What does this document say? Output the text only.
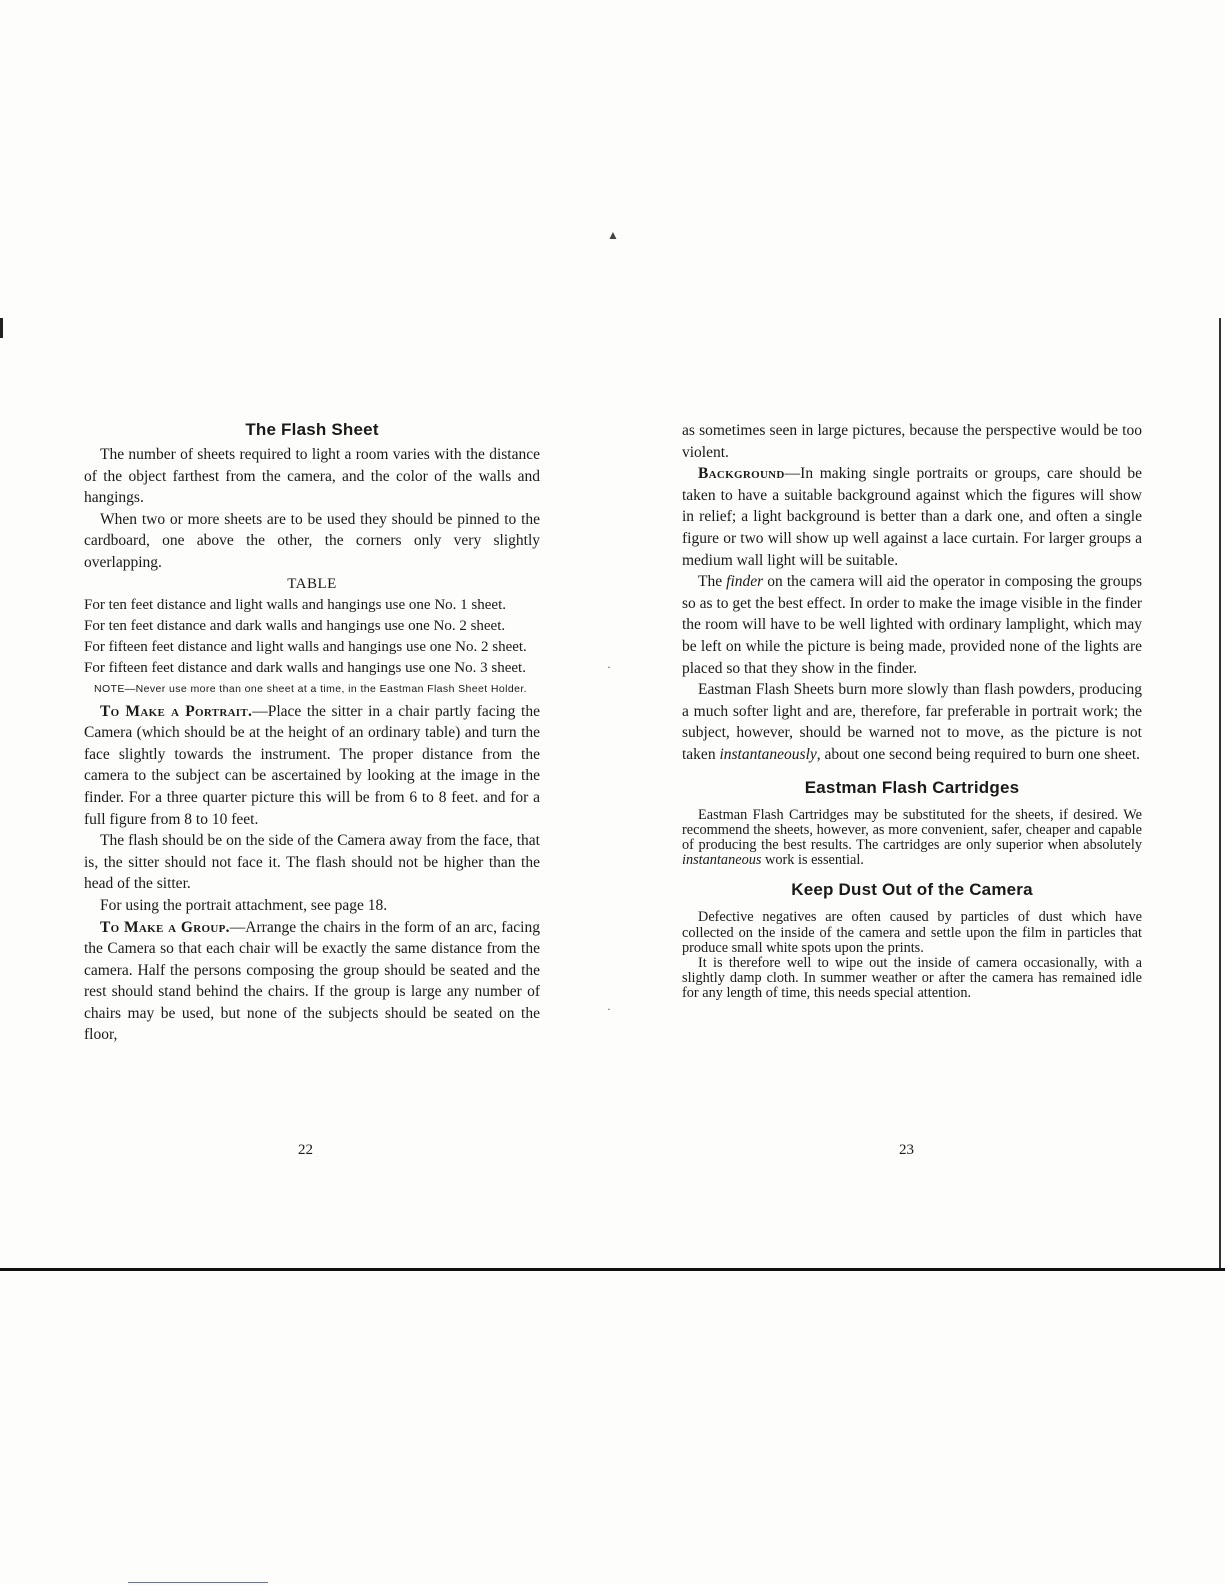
The Flash Sheet

The number of sheets required to light a room varies with the distance of the object farthest from the camera, and the color of the walls and hangings.

When two or more sheets are to be used they should be pinned to the cardboard, one above the other, the corners only very slightly overlapping.

TABLE

For ten feet distance and light walls and hangings use one No. 1 sheet.

For ten feet distance and dark walls and hangings use one No. 2 sheet.

For fifteen feet distance and light walls and hangings use one No. 2 sheet.

For fifteen feet distance and dark walls and hangings use one No. 3 sheet.

NOTE—Never use more than one sheet at a time, in the Eastman Flash Sheet Holder.

To Make a Portrait.—Place the sitter in a chair partly facing the Camera (which should be at the height of an ordinary table) and turn the face slightly towards the instrument. The proper distance from the camera to the subject can be ascertained by looking at the image in the finder. For a three quarter picture this will be from 6 to 8 feet. and for a full figure from 8 to 10 feet.

The flash should be on the side of the Camera away from the face, that is, the sitter should not face it. The flash should not be higher than the head of the sitter.

For using the portrait attachment, see page 18.

To Make a Group.—Arrange the chairs in the form of an arc, facing the Camera so that each chair will be exactly the same distance from the camera. Half the persons composing the group should be seated and the rest should stand behind the chairs. If the group is large any number of chairs may be used, but none of the subjects should be seated on the floor,

22
▲
·
·

as sometimes seen in large pictures, because the perspective would be too violent.

Background—In making single portraits or groups, care should be taken to have a suitable background against which the figures will show in relief; a light background is better than a dark one, and often a single figure or two will show up well against a lace curtain. For larger groups a medium wall light will be suitable.

The finder on the camera will aid the operator in composing the groups so as to get the best effect. In order to make the image visible in the finder the room will have to be well lighted with ordinary lamplight, which may be left on while the picture is being made, provided none of the lights are placed so that they show in the finder.

Eastman Flash Sheets burn more slowly than flash powders, producing a much softer light and are, therefore, far preferable in portrait work; the subject, however, should be warned not to move, as the picture is not taken instantaneously, about one second being required to burn one sheet.

Eastman Flash Cartridges

Eastman Flash Cartridges may be substituted for the sheets, if desired. We recommend the sheets, however, as more convenient, safer, cheaper and capable of producing the best results. The cartridges are only superior when absolutely instantaneous work is essential.

Keep Dust Out of the Camera

Defective negatives are often caused by particles of dust which have collected on the inside of the camera and settle upon the film in particles that produce small white spots upon the prints.

It is therefore well to wipe out the inside of camera occasionally, with a slightly damp cloth. In summer weather or after the camera has remained idle for any length of time, this needs special attention.

23
